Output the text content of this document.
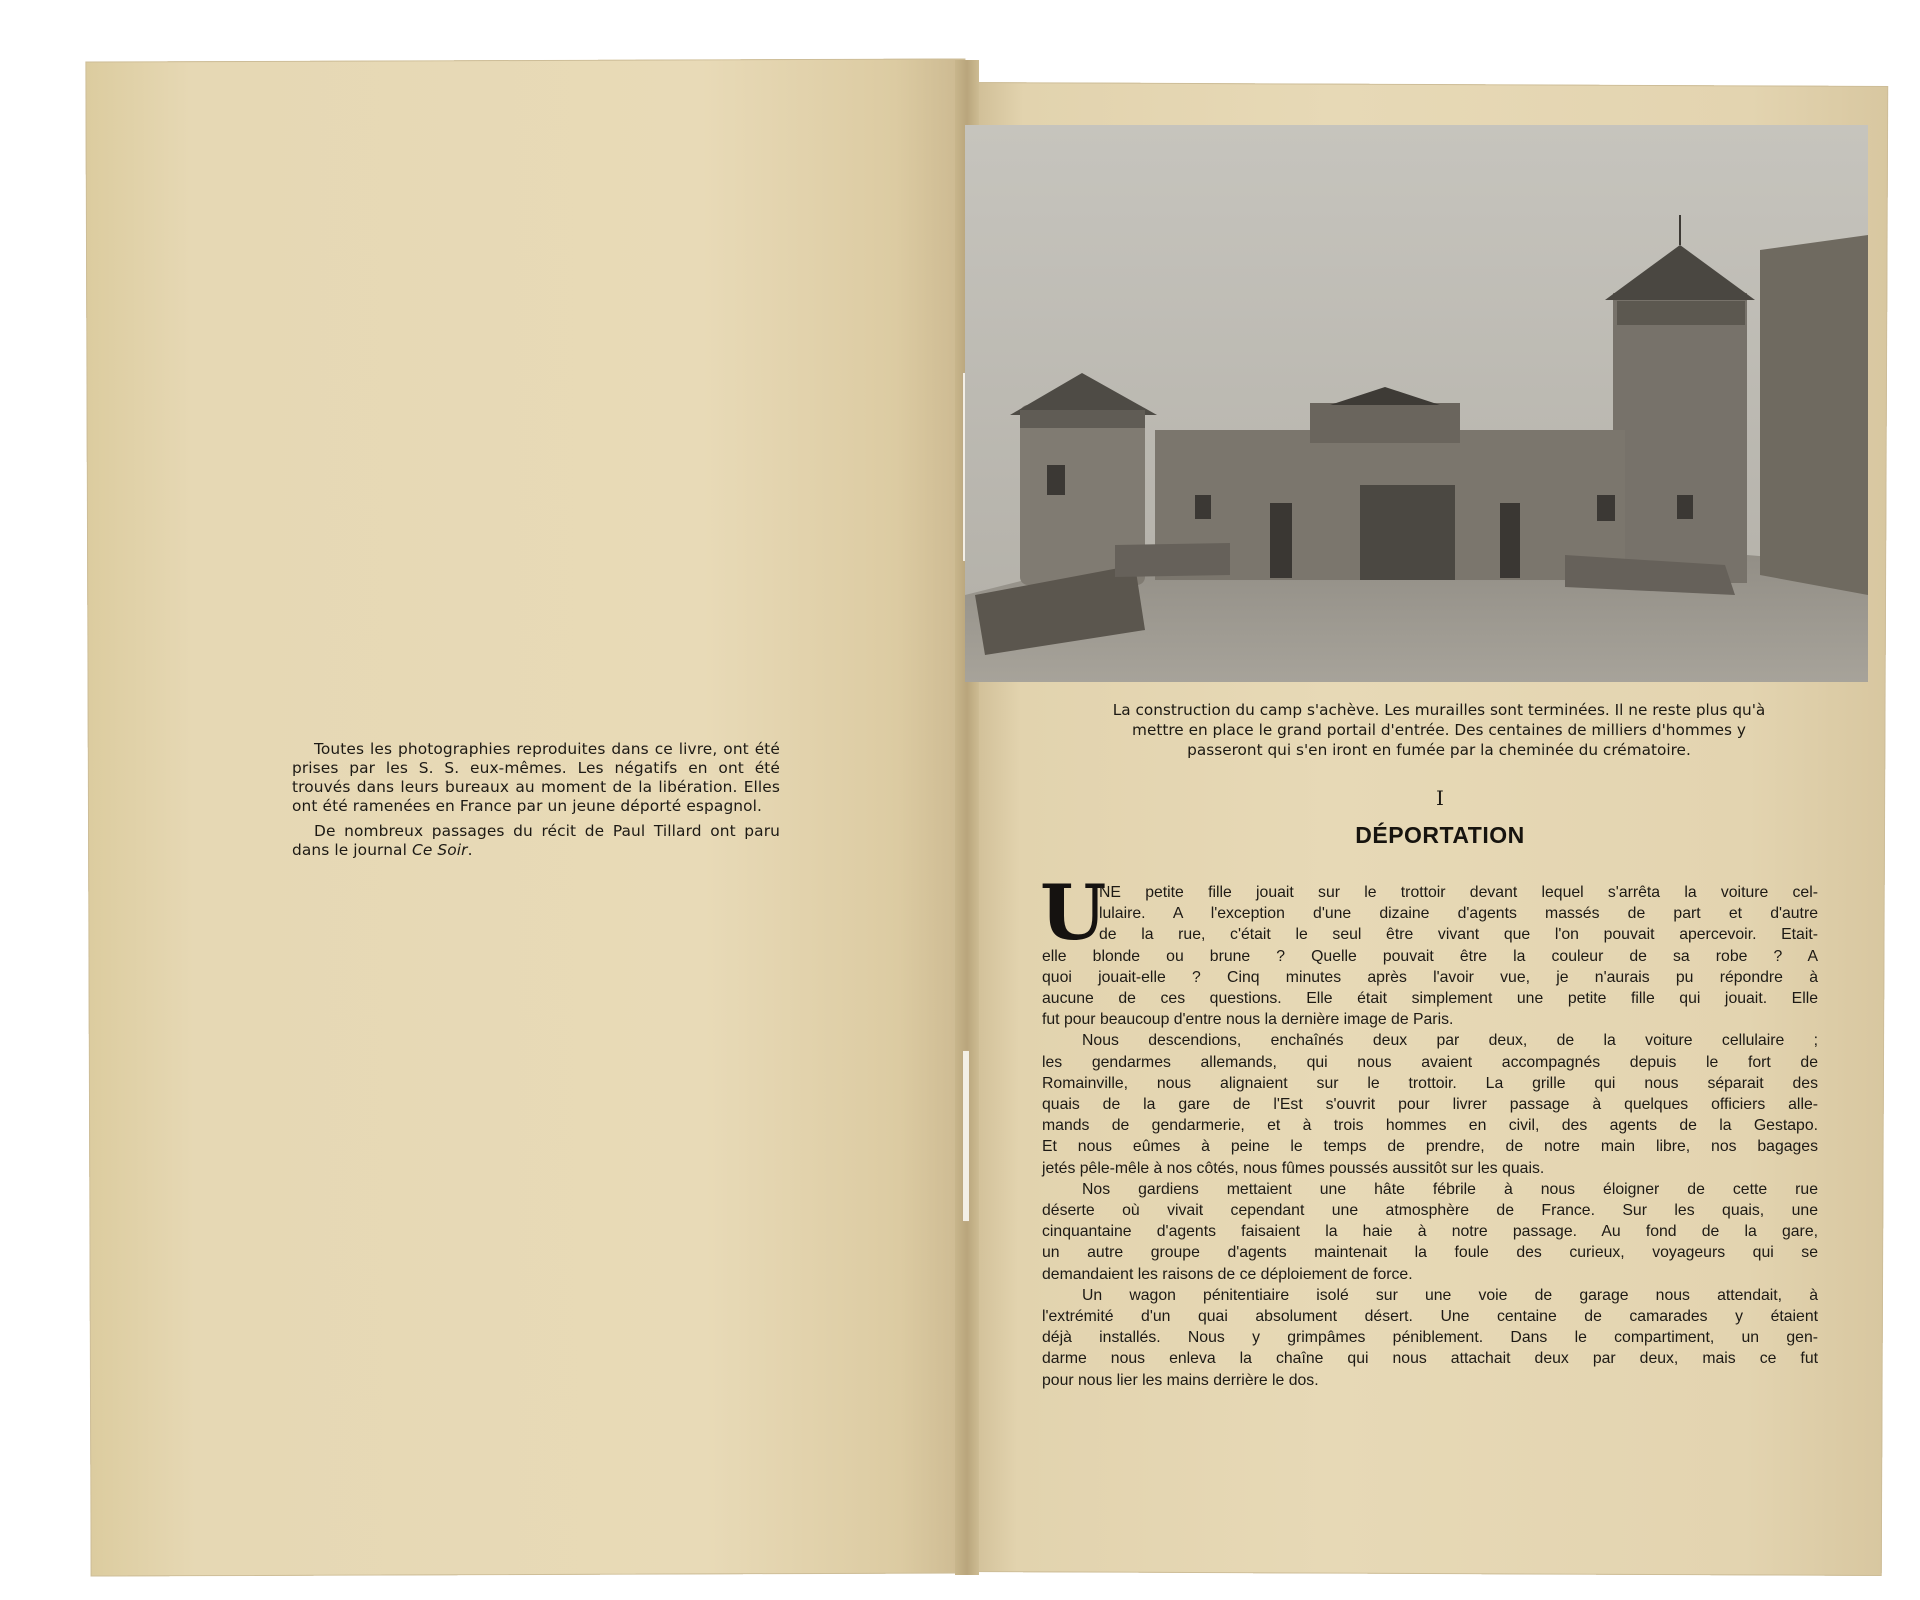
Toutes les photographies reproduites dans ce livre, ont été prises par les S. S. eux-mêmes. Les négatifs en ont été trouvés dans leurs bureaux au moment de la libération. Elles ont été ramenées en France par un jeune déporté espagnol.

De nombreux passages du récit de Paul Tillard ont paru dans le journal Ce Soir.

La construction du camp s'achève. Les murailles sont terminées. Il ne reste plus qu'à
mettre en place le grand portail d'entrée. Des centaines de milliers d'hommes y
passeront qui s'en iront en fumée par la cheminée du crématoire.
I
DÉPORTATION
U
NE petite fille jouait sur le trottoir devant lequel s'arrêta la voiture cel-
lulaire. A l'exception d'une dizaine d'agents massés de part et d'autre
de la rue, c'était le seul être vivant que l'on pouvait apercevoir. Etait-
elle blonde ou brune ? Quelle pouvait être la couleur de sa robe ? A
quoi jouait-elle ? Cinq minutes après l'avoir vue, je n'aurais pu répondre à
aucune de ces questions. Elle était simplement une petite fille qui jouait. Elle
fut pour beaucoup d'entre nous la dernière image de Paris.
Nous descendions, enchaînés deux par deux, de la voiture cellulaire ;
les gendarmes allemands, qui nous avaient accompagnés depuis le fort de
Romainville, nous alignaient sur le trottoir. La grille qui nous séparait des
quais de la gare de l'Est s'ouvrit pour livrer passage à quelques officiers alle-
mands de gendarmerie, et à trois hommes en civil, des agents de la Gestapo.
Et nous eûmes à peine le temps de prendre, de notre main libre, nos bagages
jetés pêle-mêle à nos côtés, nous fûmes poussés aussitôt sur les quais.
Nos gardiens mettaient une hâte fébrile à nous éloigner de cette rue
déserte où vivait cependant une atmosphère de France. Sur les quais, une
cinquantaine d'agents faisaient la haie à notre passage. Au fond de la gare,
un autre groupe d'agents maintenait la foule des curieux, voyageurs qui se
demandaient les raisons de ce déploiement de force.
Un wagon pénitentiaire isolé sur une voie de garage nous attendait, à
l'extrémité d'un quai absolument désert. Une centaine de camarades y étaient
déjà installés. Nous y grimpâmes péniblement. Dans le compartiment, un gen-
darme nous enleva la chaîne qui nous attachait deux par deux, mais ce fut
pour nous lier les mains derrière le dos.
